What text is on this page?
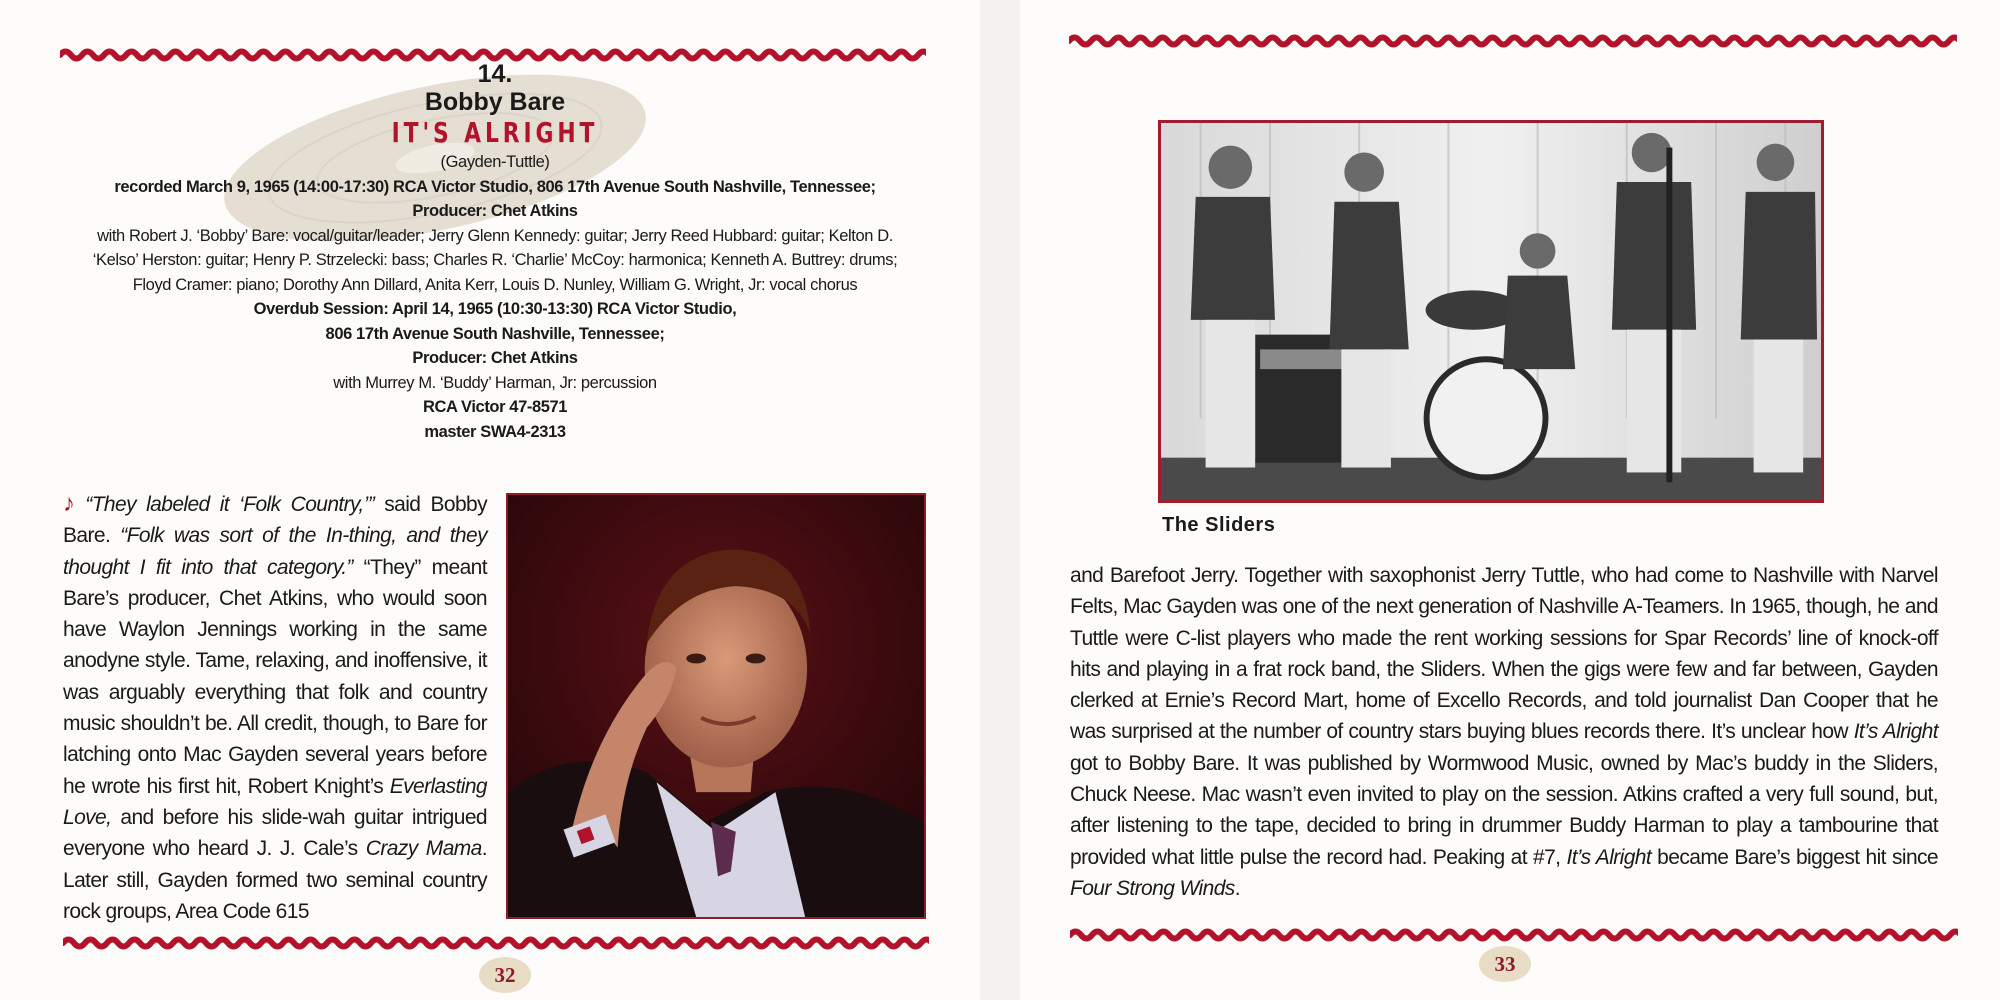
14.
Bobby Bare
IT'S ALRIGHT
(Gayden-Tuttle)
recorded March 9, 1965 (14:00-17:30) RCA Victor Studio, 806 17th Avenue South Nashville, Tennessee;
Producer: Chet Atkins
with Robert J. ‘Bobby’ Bare: vocal/guitar/leader; Jerry Glenn Kennedy: guitar; Jerry Reed Hubbard: guitar; Kelton D.
‘Kelso’ Herston: guitar; Henry P. Strzelecki: bass; Charles R. ‘Charlie’ McCoy: harmonica; Kenneth A. Buttrey: drums;
Floyd Cramer: piano; Dorothy Ann Dillard, Anita Kerr, Louis D. Nunley, William G. Wright, Jr: vocal chorus
Overdub Session: April 14, 1965 (10:30-13:30) RCA Victor Studio,
806 17th Avenue South Nashville, Tennessee;
Producer: Chet Atkins
with Murrey M. ‘Buddy’ Harman, Jr: percussion
RCA Victor 47-8571
master SWA4-2313

♪ “They labeled it ‘Folk Country,’” said Bobby Bare. “Folk was sort of the In-thing, and they thought I fit into that category.” “They” meant Bare’s producer, Chet Atkins, who would soon have Waylon Jennings working in the same anodyne style. Tame, relaxing, and inoffensive, it was arguably everything that folk and country music shouldn’t be. All credit, though, to Bare for latching onto Mac Gayden several years before he wrote his first hit, Robert Knight’s Everlasting Love, and before his slide-wah guitar intrigued everyone who heard J. J. Cale’s Crazy Mama. Later still, Gayden formed two seminal country rock groups, Area Code 615

32
The Sliders

and Barefoot Jerry. Together with saxophonist Jerry Tuttle, who had come to Nashville with Narvel Felts, Mac Gayden was one of the next generation of Nashville A-Teamers. In 1965, though, he and Tuttle were C-list players who made the rent working sessions for Spar Records’ line of knock-off hits and playing in a frat rock band, the Sliders. When the gigs were few and far between, Gayden clerked at Ernie’s Record Mart, home of Excello Records, and told journalist Dan Cooper that he was surprised at the number of country stars buying blues records there. It’s unclear how It’s Alright got to Bobby Bare. It was published by Wormwood Music, owned by Mac’s buddy in the Sliders, Chuck Neese. Mac wasn’t even invited to play on the session. Atkins crafted a very full sound, but, after listening to the tape, decided to bring in drummer Buddy Harman to play a tambourine that provided what little pulse the record had. Peaking at #7, It’s Alright became Bare’s biggest hit since Four Strong Winds.

33
